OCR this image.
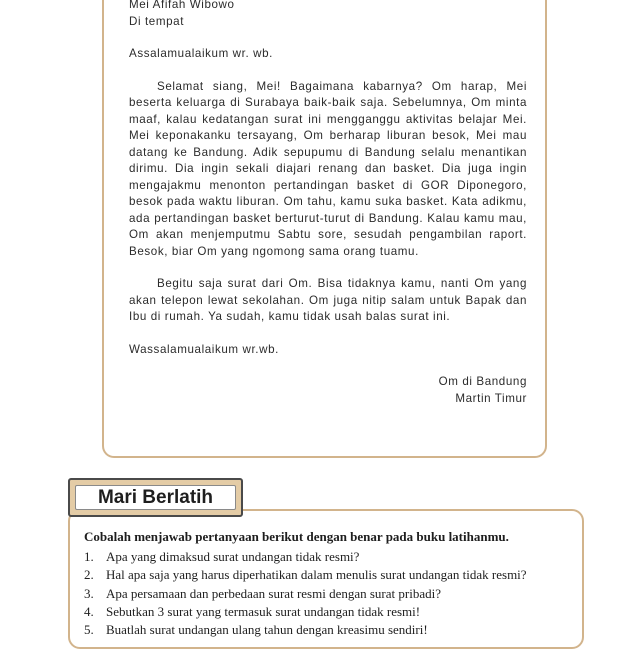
Mei Afifah Wibowo

Di tempat

Assalamualaikum wr. wb.

Selamat siang, Mei! Bagaimana kabarnya? Om harap, Mei beserta keluarga di Surabaya baik-baik saja. Sebelumnya, Om minta maaf, kalau kedatangan surat ini mengganggu aktivitas belajar Mei. Mei keponakanku tersayang, Om berharap liburan besok, Mei mau datang ke Bandung. Adik sepupumu di Bandung selalu menantikan dirimu. Dia ingin sekali diajari renang dan basket. Dia juga ingin mengajakmu menonton pertandingan basket di GOR Diponegoro, besok pada waktu liburan. Om tahu, kamu suka basket. Kata adikmu, ada pertandingan basket berturut-turut di Bandung. Kalau kamu mau, Om akan menjemputmu Sabtu sore, sesudah pengambilan raport. Besok, biar Om yang ngomong sama orang tuamu.

Begitu saja surat dari Om. Bisa tidaknya kamu, nanti Om yang akan telepon lewat sekolahan. Om juga nitip salam untuk Bapak dan Ibu di rumah. Ya sudah, kamu tidak usah balas surat ini.

Wassalamualaikum wr.wb.

Om di Bandung

Martin Timur

Mari Berlatih

Cobalah menjawab pertanyaan berikut dengan benar pada buku latihanmu.

1. Apa yang dimaksud surat undangan tidak resmi?
2. Hal apa saja yang harus diperhatikan dalam menulis surat undangan tidak resmi?
3. Apa persamaan dan perbedaan surat resmi dengan surat pribadi?
4. Sebutkan 3 surat yang termasuk surat undangan tidak resmi!
5. Buatlah surat undangan ulang tahun dengan kreasimu sendiri!
